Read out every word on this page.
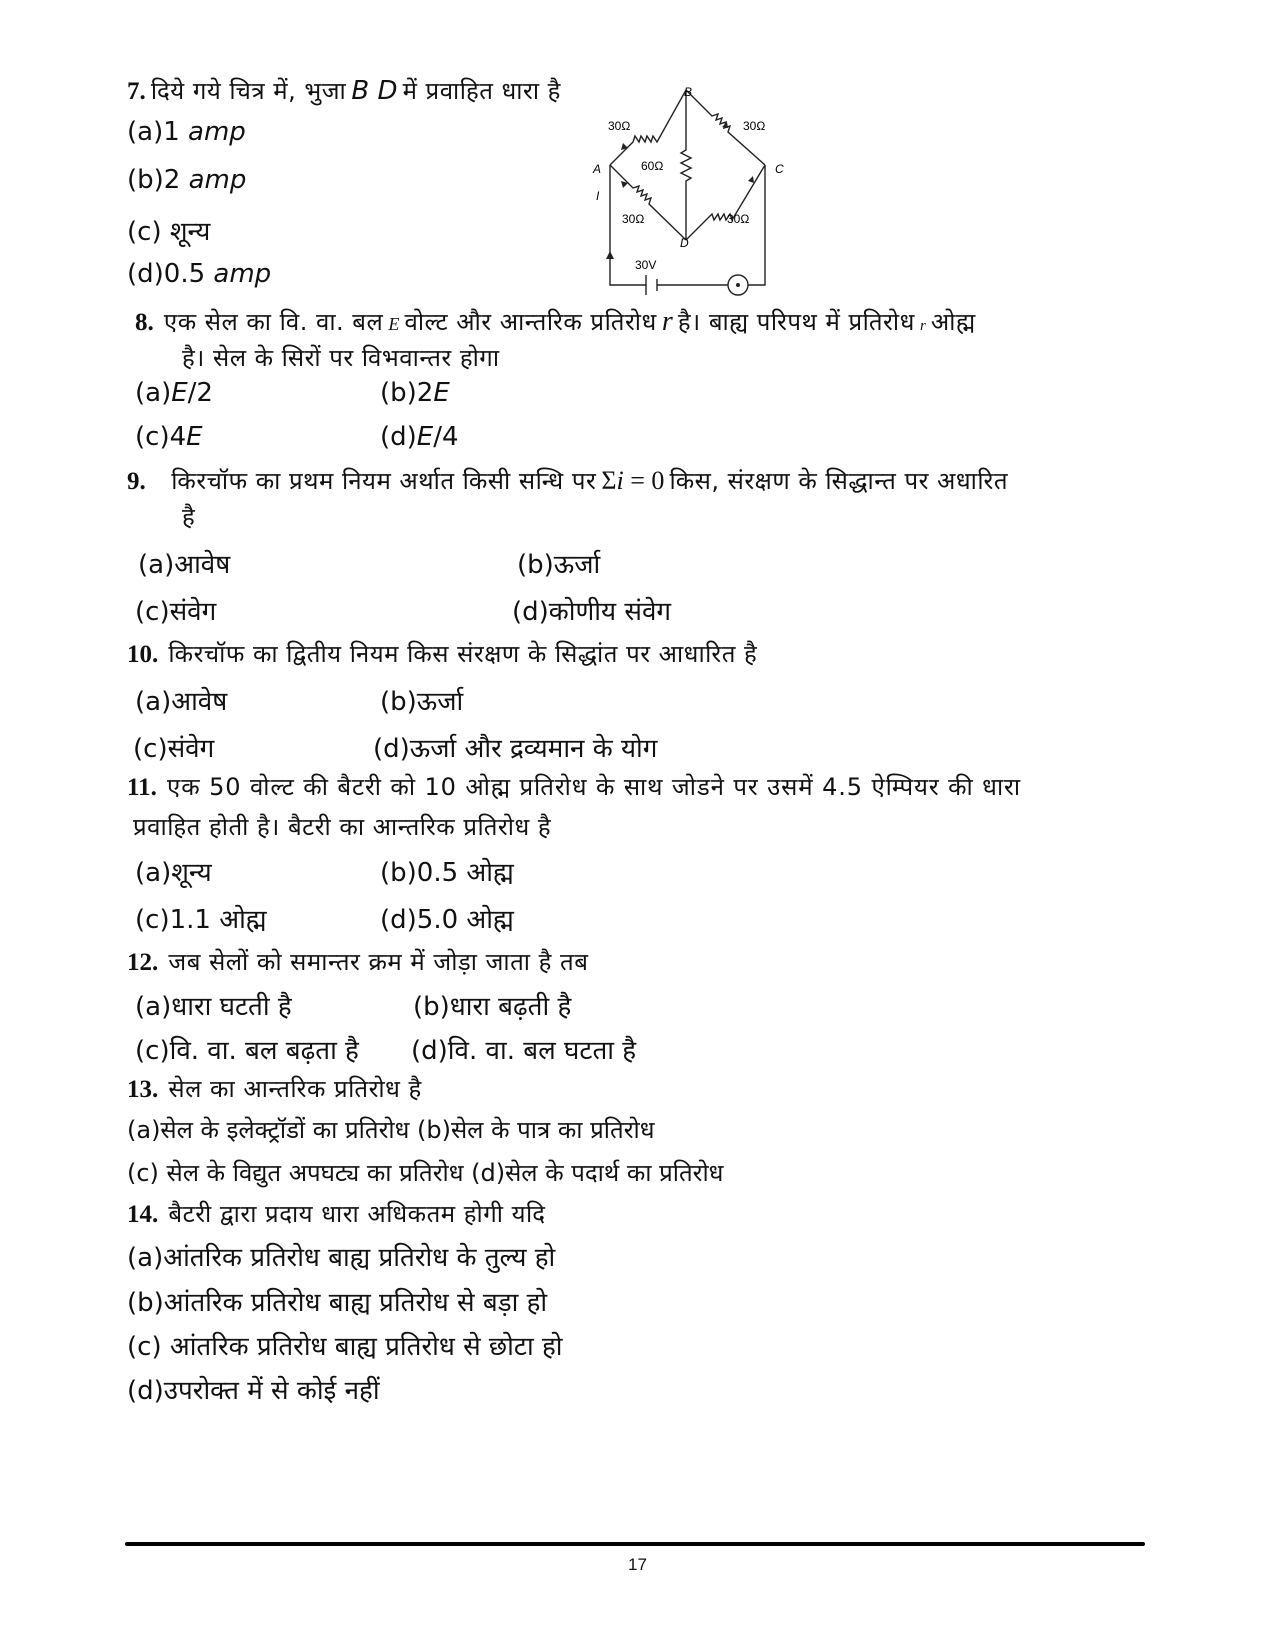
7. दिये गये चित्र में, भुजा B D में प्रवाहित धारा है
(a)1 amp
(b)2 amp
(c) शून्य
(d)0.5 amp
B
A	C
D
30Ω	30Ω
60Ω
30Ω	30Ω
I
30V
8. एक सेल का वि. वा. बल E वोल्ट और आन्तरिक प्रतिरोध r है। बाह्य परिपथ में प्रतिरोध r ओह्म
है। सेल के सिरों पर विभवान्तर होगा
(a)E/2	(b)2E
(c)4E	(d)E/4
9. किरचॉफ का प्रथम नियम अर्थात किसी सन्धि पर Σi = 0 किस, संरक्षण के सिद्धान्त पर अधारित
है
(a)आवेष	(b)ऊर्जा
(c)संवेग	(d)कोणीय संवेग
10. किरचॉफ का द्वितीय नियम किस संरक्षण के सिद्धांत पर आधारित है
(a)आवेष	(b)ऊर्जा
(c)संवेग	(d)ऊर्जा और द्रव्यमान के योग
11. एक 50 वोल्ट की बैटरी को 10 ओह्म प्रतिरोध के साथ जोडने पर उसमें 4.5 ऐम्पियर की धारा
प्रवाहित होती है। बैटरी का आन्तरिक प्रतिरोध है
(a)शून्य	(b)0.5 ओह्म
(c)1.1 ओह्म	(d)5.0 ओह्म
12. जब सेलों को समान्तर क्रम में जोड़ा जाता है तब
(a)धारा घटती है	(b)धारा बढ़ती है
(c)वि. वा. बल बढ़ता है (d)वि. वा. बल घटता है
13. सेल का आन्तरिक प्रतिरोध है
(a)सेल के इलेक्ट्रॉडों का प्रतिरोध (b)सेल के पात्र का प्रतिरोध
(c) सेल के विद्युत अपघट्य का प्रतिरोध (d)सेल के पदार्थ का प्रतिरोध
14. बैटरी द्वारा प्रदाय धारा अधिकतम होगी यदि
(a)आंतरिक प्रतिरोध बाह्य प्रतिरोध के तुल्य हो
(b)आंतरिक प्रतिरोध बाह्य प्रतिरोध से बड़ा हो
(c) आंतरिक प्रतिरोध बाह्य प्रतिरोध से छोटा हो
(d)उपरोक्त में से कोई नहीं
17
